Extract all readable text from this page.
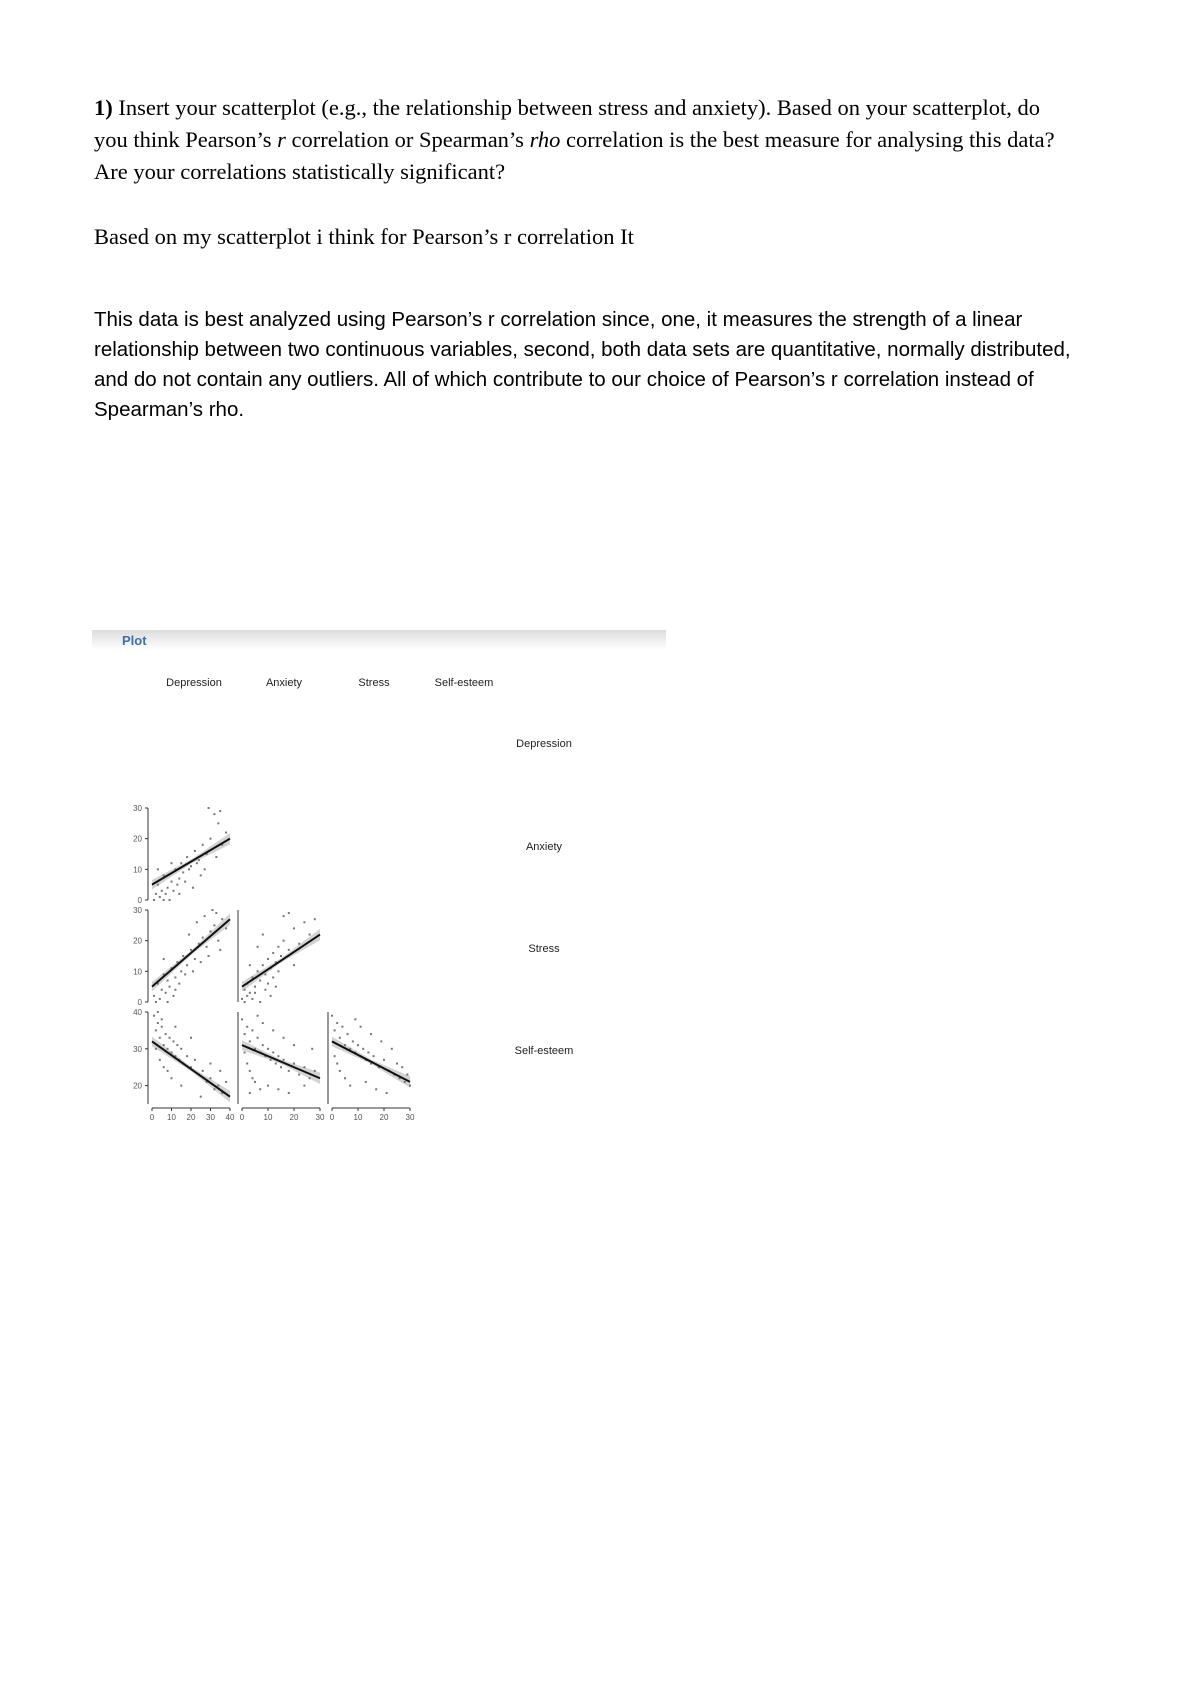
1) Insert your scatterplot (e.g., the relationship between stress and anxiety). Based on your scatterplot, do you think Pearson’s r correlation or Spearman’s rho correlation is the best measure for analysing this data? Are your correlations statistically significant?

Based on my scatterplot i think for Pearson’s r correlation It

This data is best analyzed using Pearson’s r correlation since, one, it measures the strength of a linear relationship between two continuous variables, second, both data sets are quantitative, normally distributed, and do not contain any outliers. All of which contribute to our choice of Pearson’s r correlation instead of Spearman’s rho.

Plot
Depression	Anxiety	Stress	Self-esteem
Depression
Anxiety
Stress
Self-esteem
0
10
20
30
0
10
20
30
20
30
40
0 10 20 30 40 0 10 20 30 0 10 20 30
